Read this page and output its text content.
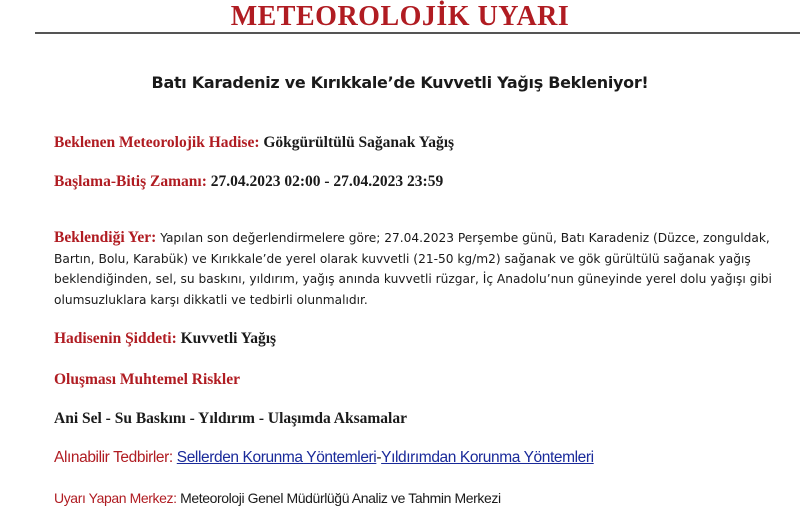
METEOROLOJİK UYARI
Batı Karadeniz ve Kırıkkale’de Kuvvetli Yağış Bekleniyor!
Beklenen Meteorolojik Hadise: Gökgürültülü Sağanak Yağış
Başlama-Bitiş Zamanı: 27.04.2023 02:00 - 27.04.2023 23:59
Beklendiği Yer: Yapılan son değerlendirmelere göre; 27.04.2023 Perşembe günü, Batı Karadeniz (Düzce, zonguldak, Bartın, Bolu, Karabük) ve Kırıkkale’de yerel olarak kuvvetli (21-50 kg/m2) sağanak ve gök gürültülü sağanak yağış beklendiğinden, sel, su baskını, yıldırım, yağış anında kuvvetli rüzgar, İç Anadolu’nun güneyinde yerel dolu yağışı gibi olumsuzluklara karşı dikkatli ve tedbirli olunmalıdır.
Hadisenin Şiddeti: Kuvvetli Yağış
Oluşması Muhtemel Riskler
Ani Sel - Su Baskını - Yıldırım - Ulaşımda Aksamalar
Alınabilir Tedbirler: Sellerden Korunma Yöntemleri-Yıldırımdan Korunma Yöntemleri
Uyarı Yapan Merkez: Meteoroloji Genel Müdürlüğü Analiz ve Tahmin Merkezi
